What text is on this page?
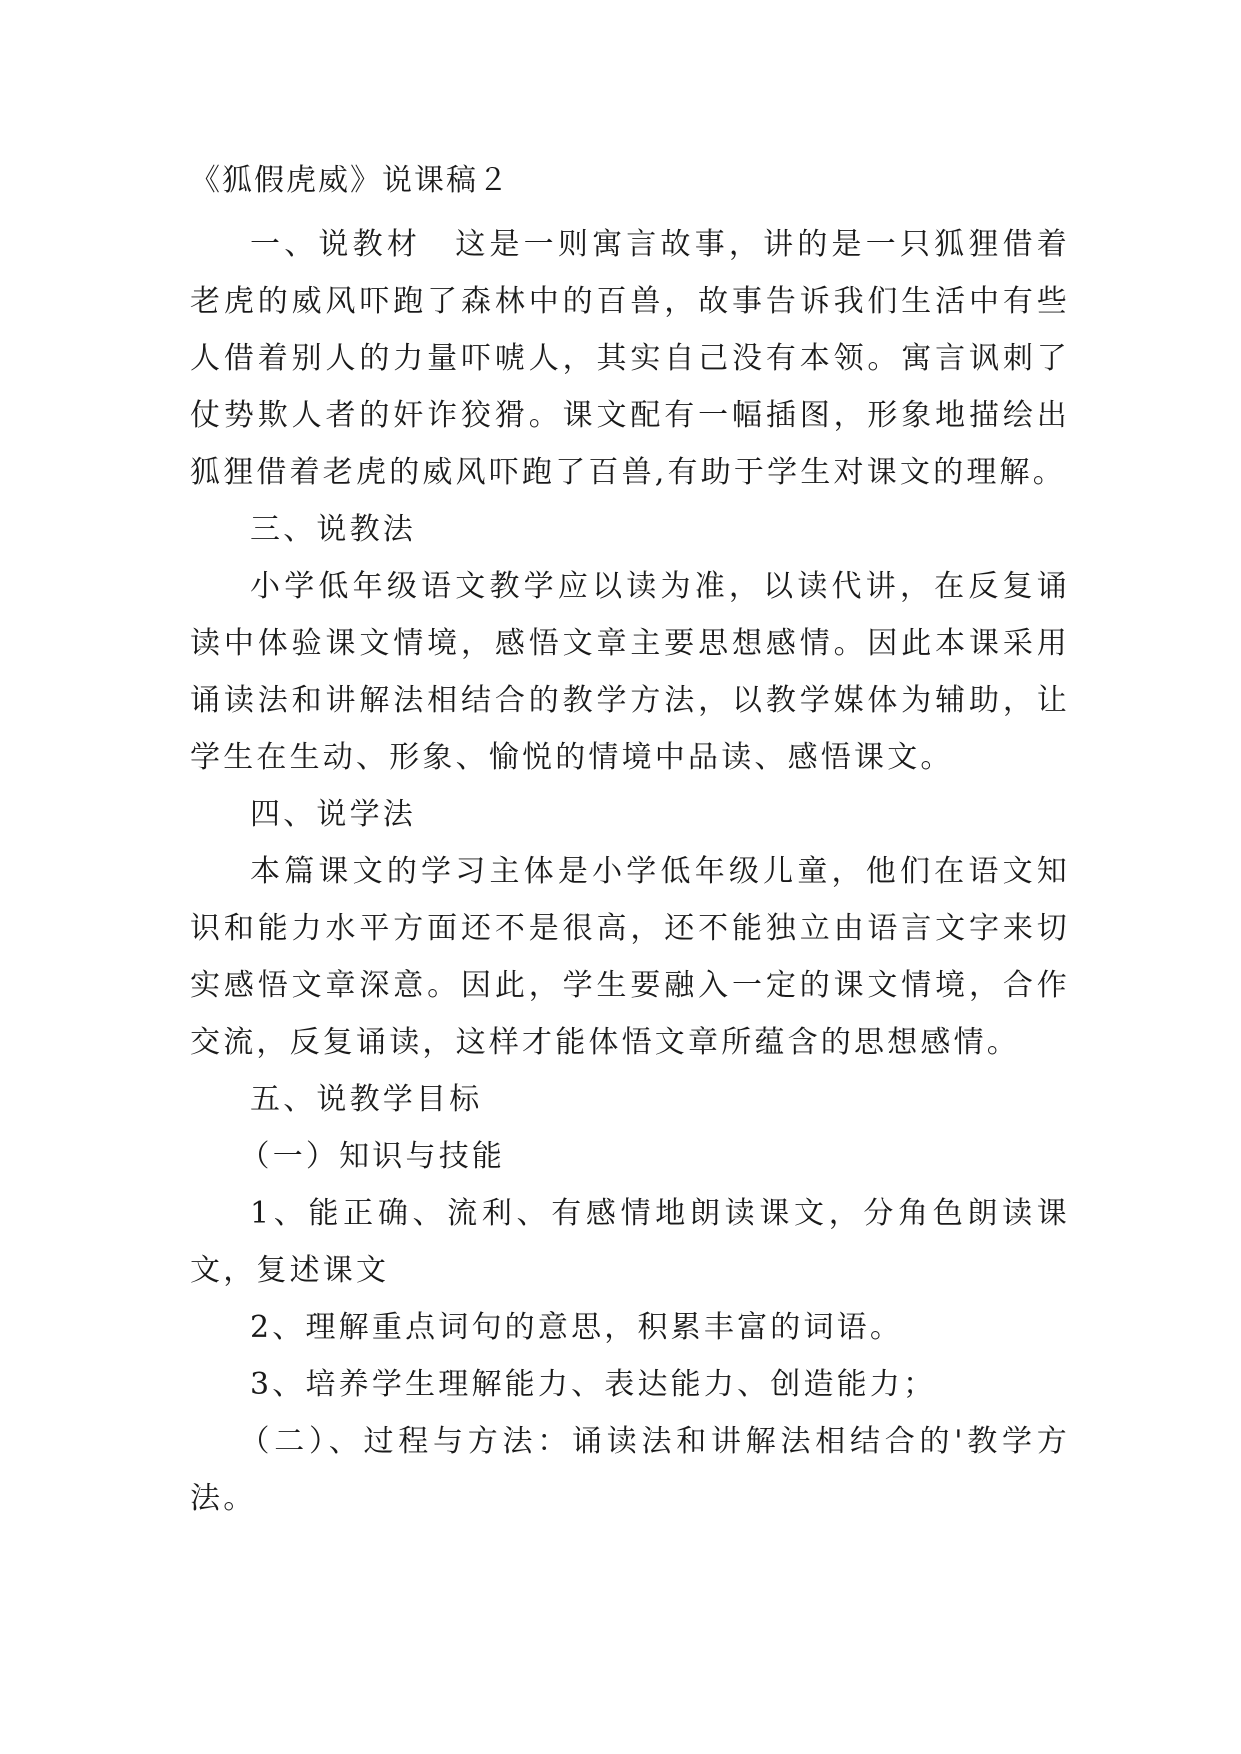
《狐假虎威》说课稿２

一、说教材　这是一则寓言故事，讲的是一只狐狸借着老虎的威风吓跑了森林中的百兽，故事告诉我们生活中有些人借着别人的力量吓唬人，其实自己没有本领。寓言讽刺了仗势欺人者的奸诈狡猾。课文配有一幅插图，形象地描绘出狐狸借着老虎的威风吓跑了百兽,有助于学生对课文的理解。

三、说教法

小学低年级语文教学应以读为准，以读代讲，在反复诵读中体验课文情境，感悟文章主要思想感情。因此本课采用诵读法和讲解法相结合的教学方法，以教学媒体为辅助，让学生在生动、形象、愉悦的情境中品读、感悟课文。

四、说学法

本篇课文的学习主体是小学低年级儿童，他们在语文知识和能力水平方面还不是很高，还不能独立由语言文字来切实感悟文章深意。因此，学生要融入一定的课文情境，合作交流，反复诵读，这样才能体悟文章所蕴含的思想感情。

五、说教学目标

（一）知识与技能

1、能正确、流利、有感情地朗读课文，分角色朗读课文，复述课文

2、理解重点词句的意思，积累丰富的词语。

3、培养学生理解能力、表达能力、创造能力；

（二）、过程与方法：诵读法和讲解法相结合的'教学方法。
